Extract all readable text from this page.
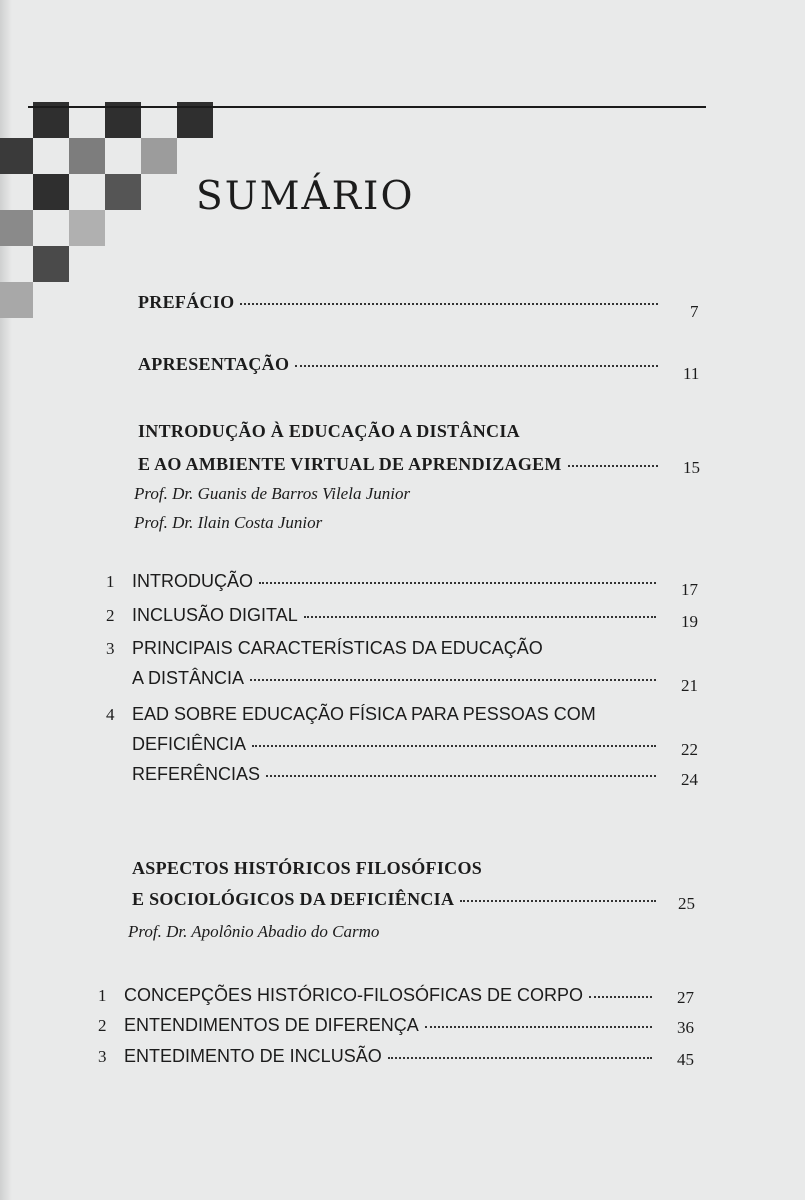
SUMÁRIO
PREFÁCIO	7
APRESENTAÇÃO	11
INTRODUÇÃO À EDUCAÇÃO A DISTÂNCIA
E AO AMBIENTE VIRTUAL DE APRENDIZAGEM	15
Prof. Dr. Guanis de Barros Vilela Junior
Prof. Dr. Ilain Costa Junior
1 INTRODUÇÃO	17
2 INCLUSÃO DIGITAL	19
3 PRINCIPAIS CARACTERÍSTICAS DA EDUCAÇÃO
A DISTÂNCIA	21
4 EAD SOBRE EDUCAÇÃO FÍSICA PARA PESSOAS COM
DEFICIÊNCIA	22
REFERÊNCIAS	24
ASPECTOS HISTÓRICOS FILOSÓFICOS
E SOCIOLÓGICOS DA DEFICIÊNCIA	25
Prof. Dr. Apolônio Abadio do Carmo
1 CONCEPÇÕES HISTÓRICO-FILOSÓFICAS DE CORPO	27
2 ENTENDIMENTOS DE DIFERENÇA	36
3 ENTEDIMENTO DE INCLUSÃO	45
